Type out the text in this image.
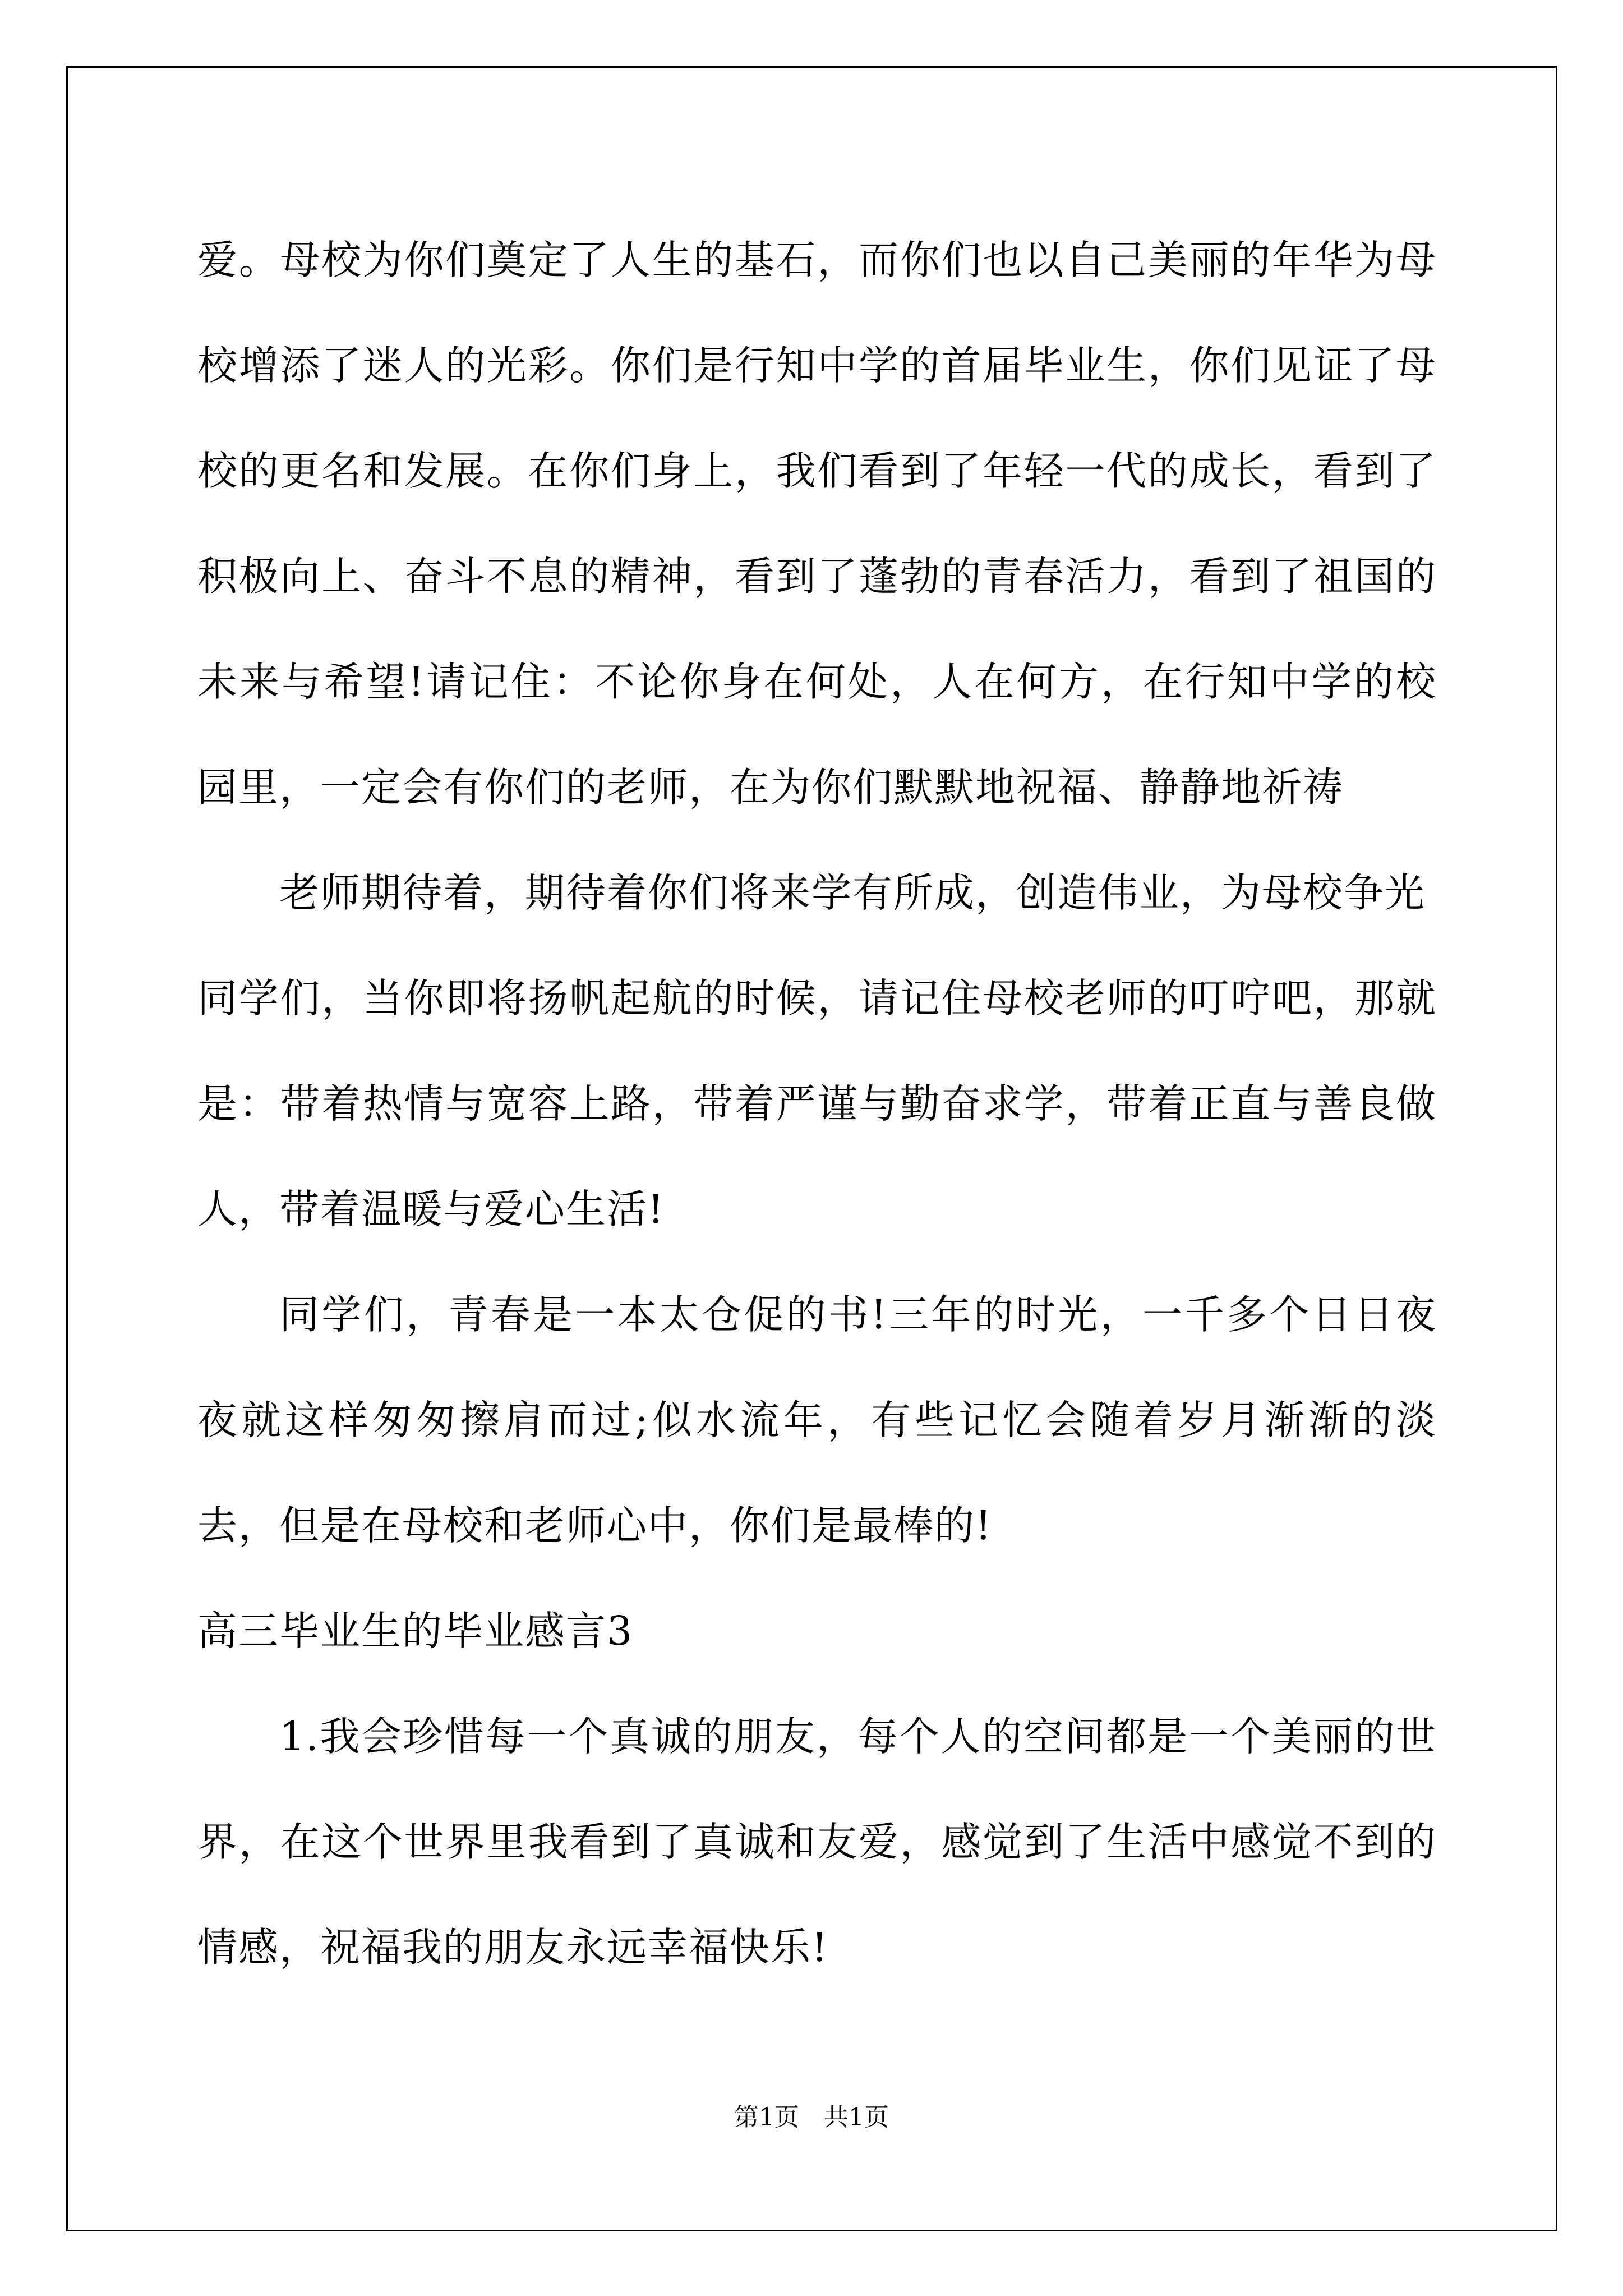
爱。母校为你们奠定了人生的基石，而你们也以自己美丽的年华为母校增添了迷人的光彩。你们是行知中学的首届毕业生，你们见证了母校的更名和发展。在你们身上，我们看到了年轻一代的成长，看到了积极向上、奋斗不息的精神，看到了蓬勃的青春活力，看到了祖国的未来与希望!请记住：不论你身在何处，人在何方，在行知中学的校园里，一定会有你们的老师，在为你们默默地祝福、静静地祈祷

老师期待着，期待着你们将来学有所成，创造伟业，为母校争光

同学们，当你即将扬帆起航的时候，请记住母校老师的叮咛吧，那就是：带着热情与宽容上路，带着严谨与勤奋求学，带着正直与善良做人，带着温暖与爱心生活!

同学们，青春是一本太仓促的书!三年的时光，一千多个日日夜夜就这样匆匆擦肩而过;似水流年，有些记忆会随着岁月渐渐的淡去，但是在母校和老师心中，你们是最棒的!

高三毕业生的毕业感言3

1.我会珍惜每一个真诚的朋友，每个人的空间都是一个美丽的世界，在这个世界里我看到了真诚和友爱，感觉到了生活中感觉不到的情感，祝福我的朋友永远幸福快乐!

第1页　共1页
